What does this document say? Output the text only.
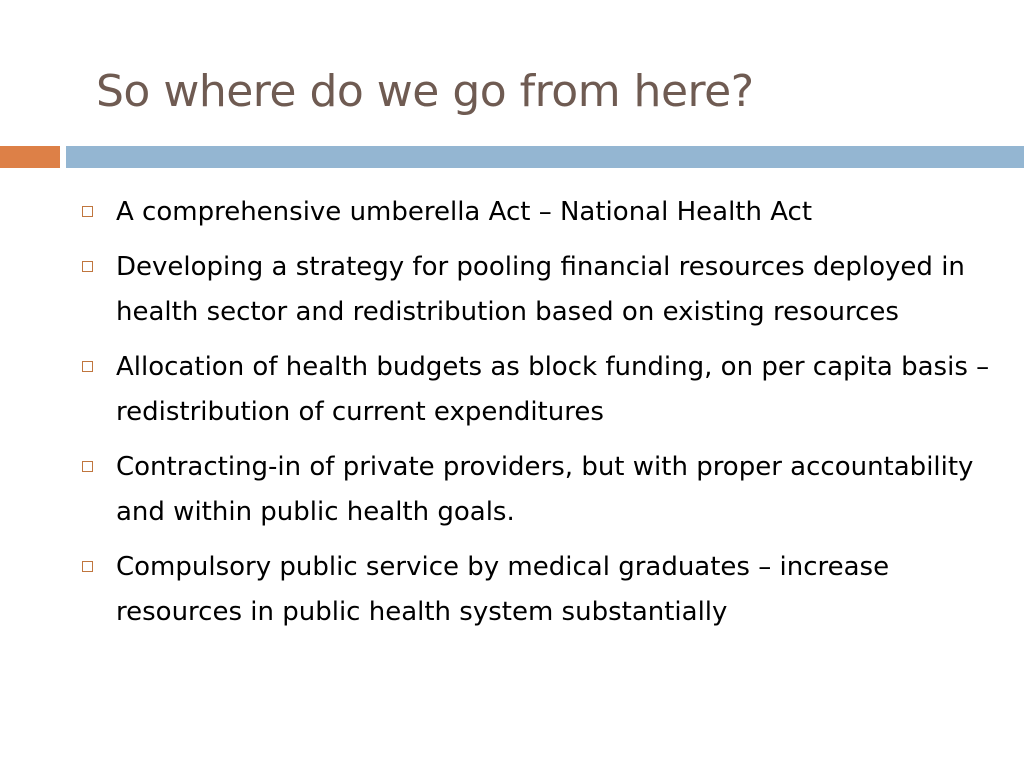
So where do we go from here?
A comprehensive umberella Act – National Health Act
Developing a strategy for pooling financial resources deployed in health sector and redistribution based on existing resources
Allocation of health budgets as block funding, on per capita basis – redistribution of current expenditures
Contracting-in of private providers, but with proper accountability and within public health goals.
Compulsory public service by medical graduates – increase resources in public health system substantially
